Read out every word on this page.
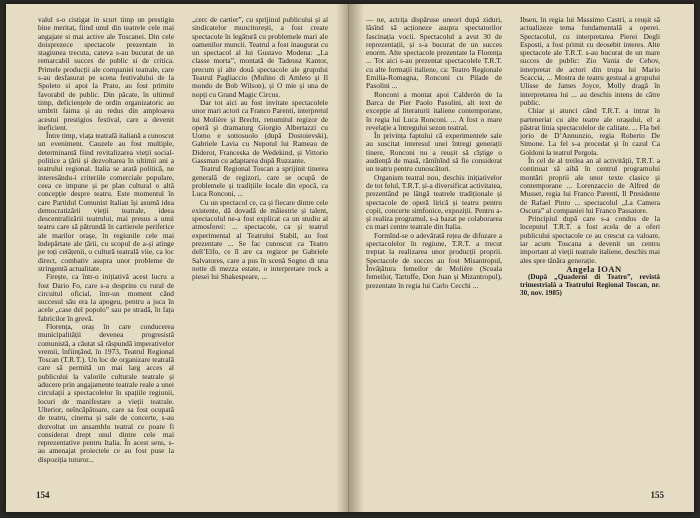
valul s-o cistigat in scurt timp un prestigiu bine meritat, fiind unul din teatrele cele mai angajate si mai active ale Toscanei. Din cele doisprezece spectacole prezentate in stagiunea trecuta, cateva s-au bucurat de un remarcabil succes de public si de critica. Primele producții ale companiei teatrale, care s-au desfasurat pe scena festivalului de la Spoleto si apoi la Prato, au fost primite favorabil de public. Din păcate, în ultimul timp, deficiențele de ordin organizatoric au umbrit faima și au redus din amploarea acestui prestigios festival, care a devenit ineficient.

Între timp, viața teatrală italiană a cunoscut un eveniment. Cauzele au fost multiple, determinantă fiind revitalizarea vieții social-politice a țării și dezvoltarea în ultimii ani a teatrului regional. Italia se arată politică, ne interesându-i criteriile comerciale populare, ceea ce impune și pe plan cultural o altă concepție despre teatru. Este momentul în care Partidul Comunist Italian își asumă idea democratizării vieții teatrale, ideea descentralizării teatrului, mai presus a unui teatru care să pătrundă în cartierele periferice ale marilor orașe, în regiunile cele mai îndepărtate ale țării, cu scopul de a-și atinge pe toți cetățenii, o cultură teatrală viie, ca loc direct, combativ asupra unor probleme de stringentă actualitate.

Firește, ca într-o inițiativă acest lucru a fost Dario Fo, care s-a desprins cu rural de circuitul oficial, într-un moment când succesul său era la apogeu, pentru a juca în acele „case del popolo” sau pe stradă, în fața fabricilor în grevă.

Florența, oraș în care conducerea municipalității devenea progresistă comunistă, a căutat să răspundă imperativelor vremii, înființând, în 1973, Teatrul Regional Toscan (T.R.T.). Un loc de organizare teatrală care să permită un mai larg acces al publicului la valorile culturale teatrale și aducere prin angajamente teatrale reale a unei circulații a spectacolelor în spațiile regiunii, locuri de manifestare a vieții teatrale. Ulterior, neîncăpătoare, care sa fost ocupată de teatru, cinema și sale de concerte, s-au dezvoltat un ansamblu teatral ce poate fi considerat drept unul dintre cele mai reprezentative pentru Italia. În acest sens, s-au amenajat proiectele ce au fost puse la dispoziția tuturor...

„cerc de cartier”, cu sprijinul publicului și al sindicatelor muncitorești, a fost create spectacole în legătură cu problemele mari ale oamenilor muncii. Teatrul a fost inaugurat cu un spectacol al lui Gustavo Modena: „La classe morta”, montată de Tadeusz Kantor, precum și alte două spectacole ale grupului Teatrul Pagliaccio (Mulino di Amleto și Il mondo de Bob Wilson), și O mie și una de nopți cu Grand Magic Circus.

Dar tot aici au fost invitate spectacolele unor mari actori ca Franco Parenti, interpretul lui Molière și Brecht, renumitul regizor de operă și dramaturg Giorgio Albertazzi cu Uomo e sottosuolo (după Dostoievski), Gabriele Lavia cu Nepotul lui Rameau de Diderot, Franceska de Wedekind, și Vittorio Gassman cu adaptarea după Ruzzante.

Teatrul Regional Toscan a sprijinit tinerea generală de regizori, care se ocupă de problemele și tradițiile locale din epocă, ca Luca Ronconi, ...

Cu un spectacol ce, ca și fiecare dintre cele existente, dă dovadă de măiestrie și talent, spectacolul ne-a fost explicat ca un studiu al atmosferei: ... spectacole, ca și teatrul experimental al Teatrului Stabil, au fost prezentate ... Se fac cunoscut ca Teatro dell’Elfo, ce îl are ca regizor pe Gabriele Salvatores, care a pus în scenă Sogno di una notte di mezza estate, o interpretare rock a piesei lui Shakespeare, ...

154

— ne, actrița dispăruse uneori după ziduri, lăsînd să acționeze asupra spectatorilor fascinația vocii. Spectacolul a avut 30 de reprezentații, și s-a bucurat de un succes enorm. Alte spectacole prezentate la Florența ... Tot aici s-au prezentat spectacolele T.R.T. cu alte formații italiene, ca: Teatro Regionale Emilia-Romagna, Ronconi cu Pilade de Pasolini ...

Ronconi a montat apoi Calderón de la Barca de Pier Paolo Pasolini, alt text de excepție al literaturii italiene contemporane, în regia lui Luca Ronconi. ... A fost o mare revelație a întregului sezon teatral.

În privința faptului că experimentele sale au suscitat interesul unei întregi generații tinere, Ronconi nu a reușit să cîștige o audiență de masă, rămînînd să fie considerat un teatru pentru cunoscători.

Organism teatral nou, deschis inițiativelor de tot felul, T.R.T. și-a diversificat activitatea, prezentând pe lângă teatrele tradiționale și spectacole de operă lirică și teatru pentru copii, concerte simfonice, expoziții. Pentru a-și realiza programul, s-a bazat pe colaborarea cu mari centre teatrale din Italia.

Formînd-se o adevărată rețea de difuzare a spectacolelor în regiune, T.R.T. a trecut treptat la realizarea unor producții proprii. Spectacole de succes au fost Misantropul, Învățătura femeilor de Molière (Scoala femeilor, Tartuffe, Don Juan și Mizantropul), prezentate în regia lui Carlo Cecchi ...

Ibsen, în regia lui Massimo Castri, a reușit să actualizeze tema fundamentală a operei. Spectacolul, cu interpretarea Pierei Degli Esposti, a fost primit cu deosebit interes. Alte spectacole ale T.R.T. s-au bucurat de un mare succes de public: Zio Vania de Cehov, interpretat de actori din trupa lui Mario Scaccia, ... Mostra de teatru gestual a grupului Ulisse de James Joyce, Molly dragă în interpretarea lui ... au deschis intens de către public.

Chiar și atunci când T.R.T. a intrat în parteneriat cu alte teatre ale orașului, el a păstrat linia spectacolelor de calitate. ... Fla bel jorio de D’Annunzio, regia Roberto De Simone. La fel s-a procedat și în cazul Ca Goldoni la teatrul Pergola.

În cel de al treilea an al activității, T.R.T. a continuat să aibă în centrul programului montări proprii ale unor texte clasice și contemporane ... Lorenzaccio de Alfred de Musset, regia lui Franco Parenti, Il Presidente de Rafael Pinto ... spectacolul „La Camera Oscura” al companiei lui Franco Passatore.

Principiul după care s-a condus de la începutul T.R.T. a fost acela de a oferi publicului spectacole ce au crescut ca valoare, iar acum Toscana a devenit un centru important al vieții teatrale italiene, deschis mai ales spre tânăra generație.

Angela IOAN

(După „Quaderni di Teatro”, revistă trimestrială a Teatrului Regional Toscan, nr. 30, nov. 1985)

155
